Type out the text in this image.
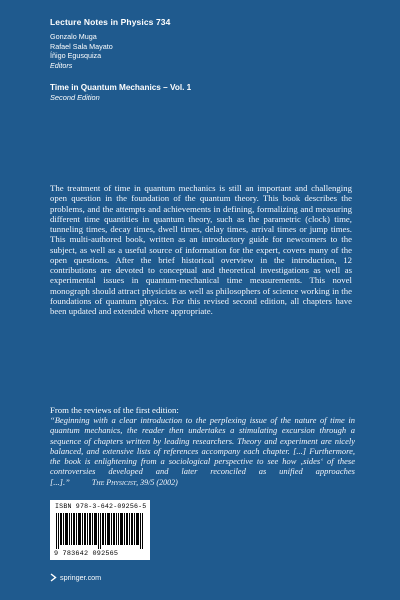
Lecture Notes in Physics 734
Gonzalo Muga
Rafael Sala Mayato
Íñigo Egusquiza
Editors
Time in Quantum Mechanics – Vol. 1
Second Edition

The treatment of time in quantum mechanics is still an important and challenging open question in the foundation of the quantum theory. This book describes the problems, and the attempts and achievements in defining, formalizing and measuring different time quantities in quantum theory, such as the parametric (clock) time, tunneling times, decay times, dwell times, delay times, arrival times or jump times. This multi-authored book, written as an introductory guide for newcomers to the subject, as well as a useful source of information for the expert, covers many of the open questions. After the brief historical overview in the introduction, 12 contributions are devoted to conceptual and theoretical investigations as well as experimental issues in quantum-mechanical time measurements. This novel monograph should attract physicists as well as philosophers of science working in the foundations of quantum physics. For this revised second edition, all chapters have been updated and extended where appropriate.

From the reviews of the first edition:

“Beginning with a clear introduction to the perplexing issue of the nature of time in quantum mechanics, the reader then undertakes a stimulating excursion through a sequence of chapters written by leading researchers. Theory and experiment are nicely balanced, and extensive lists of references accompany each chapter. [...] Furthermore, the book is enlightening from a sociological perspective to see how ‚sides‘ of these controversies developed and later reconciled as unified approaches [...].”	The Physicist, 39/5 (2002)

ISBN 978-3-642-09256-5
9 783642 092565
springer.com
